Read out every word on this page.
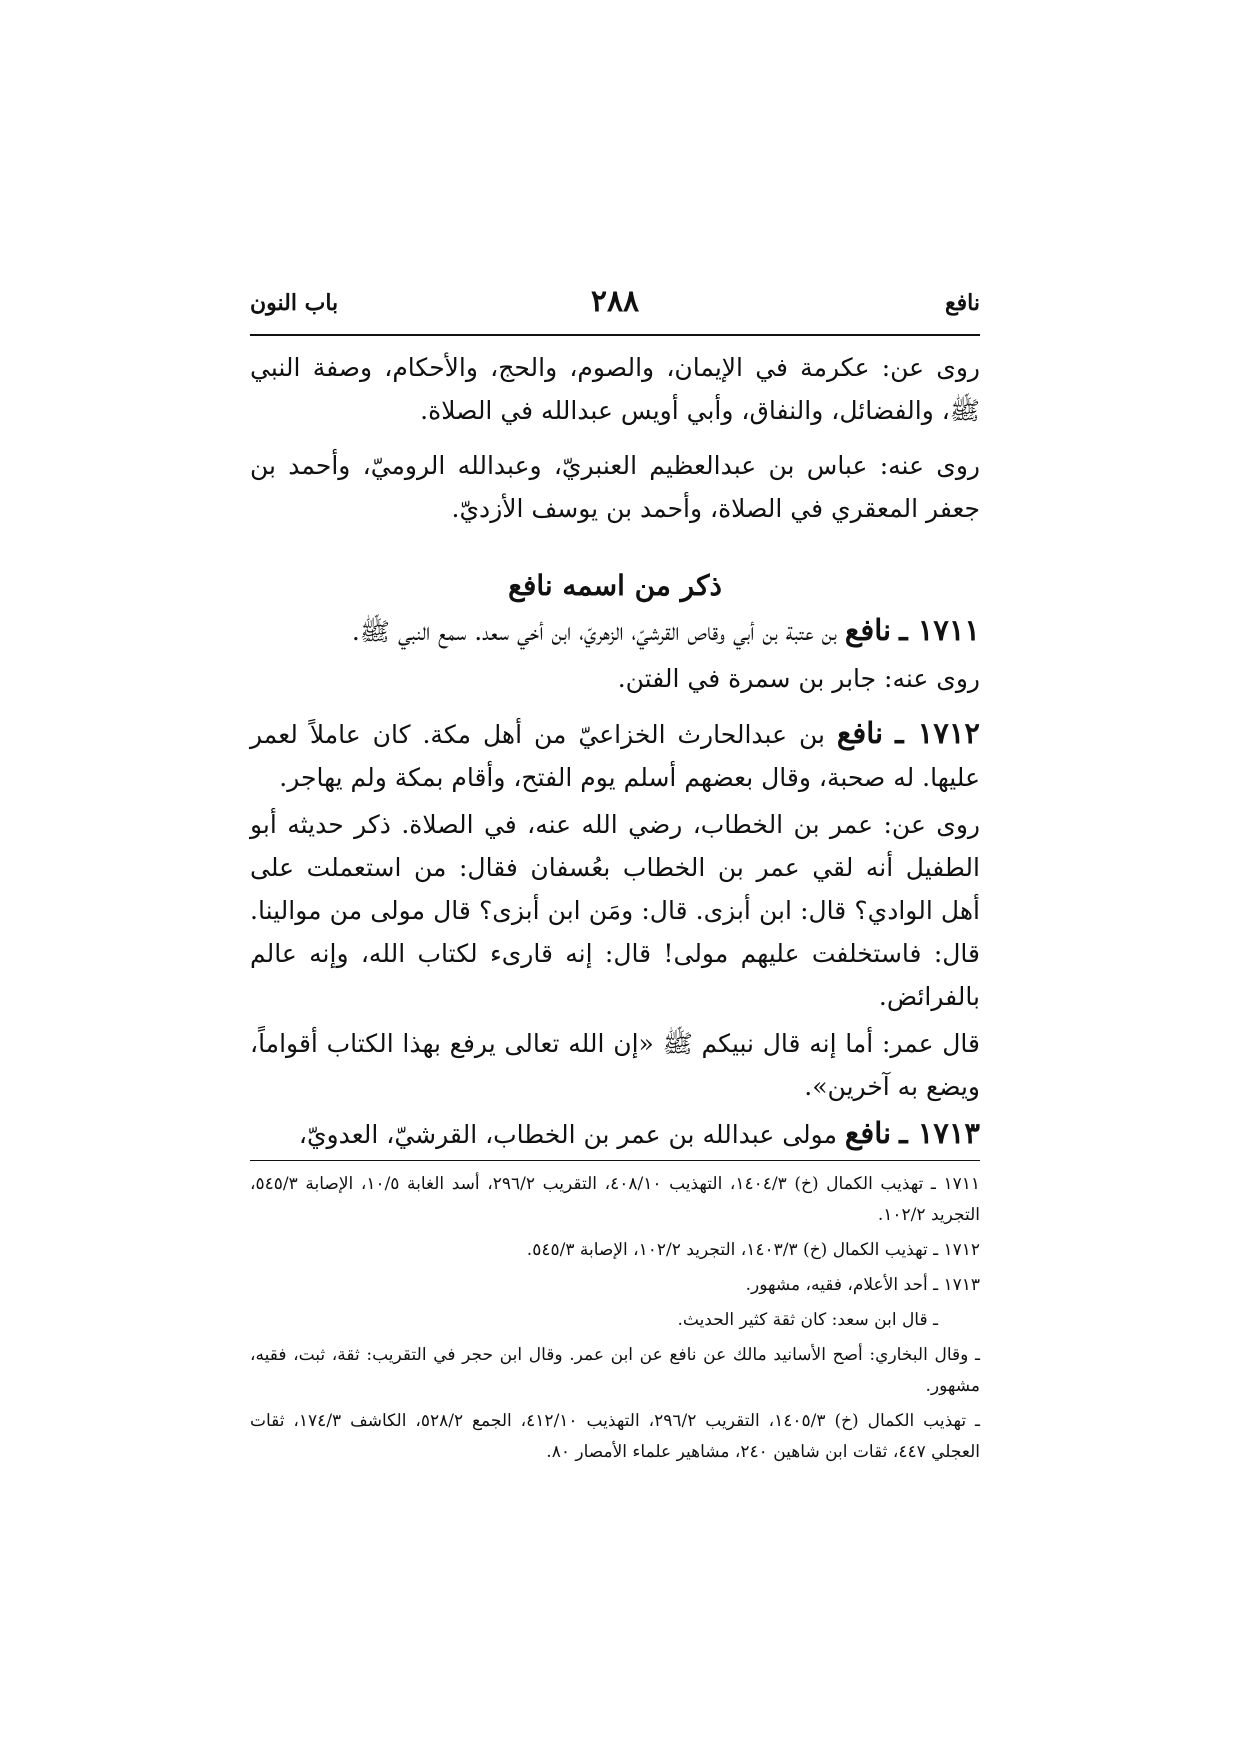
نافع
٢٨٨
باب النون

روى عن: عكرمة في الإيمان، والصوم، والحج، والأحكام، وصفة النبي ﷺ، والفضائل، والنفاق، وأبي أويس عبدالله في الصلاة.

روى عنه: عباس بن عبدالعظيم العنبريّ، وعبدالله الروميّ، وأحمد بن جعفر المعقري في الصلاة، وأحمد بن يوسف الأزديّ.

ذكر من اسمه نافع

١٧١١ ـ نافع بن عتبة بن أبي وقاص القرشيّ، الزهريّ، ابن أخي سعد. سمع النبي ﷺ.

روى عنه: جابر بن سمرة في الفتن.

١٧١٢ ـ نافع بن عبدالحارث الخزاعيّ من أهل مكة. كان عاملاً لعمر عليها. له صحبة، وقال بعضهم أسلم يوم الفتح، وأقام بمكة ولم يهاجر.

روى عن: عمر بن الخطاب، رضي الله عنه، في الصلاة. ذكر حديثه أبو الطفيل أنه لقي عمر بن الخطاب بعُسفان فقال: من استعملت على أهل الوادي؟ قال: ابن أبزى. قال: ومَن ابن أبزى؟ قال مولى من موالينا. قال: فاستخلفت عليهم مولى! قال: إنه قارىء لكتاب الله، وإنه عالم بالفرائض.

قال عمر: أما إنه قال نبيكم ﷺ «إن الله تعالى يرفع بهذا الكتاب أقواماً، ويضع به آخرين».

١٧١٣ ـ نافع مولى عبدالله بن عمر بن الخطاب، القرشيّ، العدويّ،

١٧١١ ـ تهذيب الكمال (خ) ١٤٠٤/٣، التهذيب ٤٠٨/١٠، التقريب ٢٩٦/٢، أسد الغابة ١٠/٥، الإصابة ٥٤٥/٣، التجريد ١٠٢/٢.

١٧١٢ ـ تهذيب الكمال (خ) ١٤٠٣/٣، التجريد ١٠٢/٢، الإصابة ٥٤٥/٣.

١٧١٣ ـ أحد الأعلام، فقيه، مشهور.

ـ قال ابن سعد: كان ثقة كثير الحديث.

ـ وقال البخاري: أصح الأسانيد مالك عن نافع عن ابن عمر. وقال ابن حجر في التقريب: ثقة، ثبت، فقيه، مشهور.

ـ تهذيب الكمال (خ) ١٤٠٥/٣، التقريب ٢٩٦/٢، التهذيب ٤١٢/١٠، الجمع ٥٢٨/٢، الكاشف ١٧٤/٣، ثقات العجلي ٤٤٧، ثقات ابن شاهين ٢٤٠، مشاهير علماء الأمصار ٨٠.
